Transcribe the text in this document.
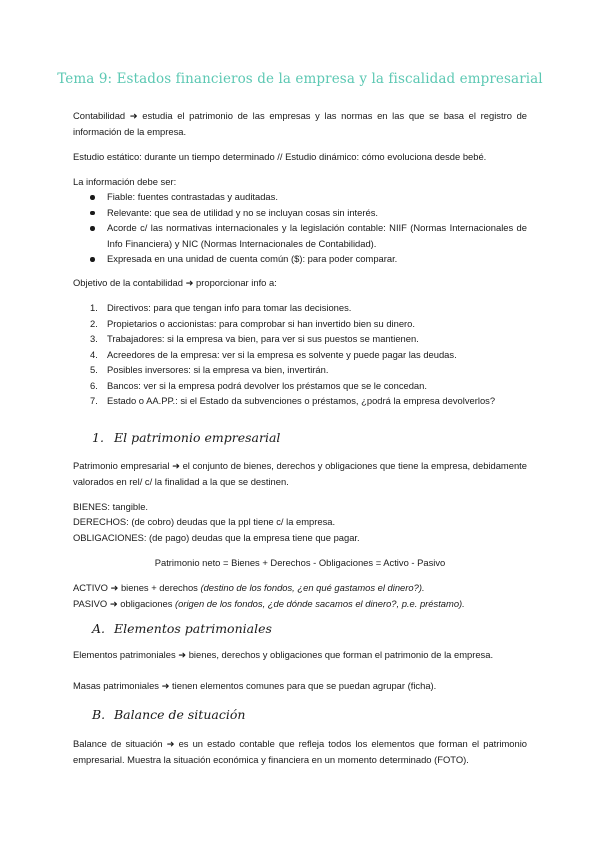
Tema 9: Estados financieros de la empresa y la fiscalidad empresarial

Contabilidad ➜ estudia el patrimonio de las empresas y las normas en las que se basa el registro de información de la empresa.

Estudio estático: durante un tiempo determinado // Estudio dinámico: cómo evoluciona desde bebé.

La información debe ser:

Fiable: fuentes contrastadas y auditadas.
Relevante: que sea de utilidad y no se incluyan cosas sin interés.
Acorde c/ las normativas internacionales y la legislación contable: NIIF (Normas Internacionales de Info Financiera) y NIC (Normas Internacionales de Contabilidad).
Expresada en una unidad de cuenta común ($): para poder comparar.

Objetivo de la contabilidad ➜ proporcionar info a:

1. Directivos: para que tengan info para tomar las decisiones.
2. Propietarios o accionistas: para comprobar si han invertido bien su dinero.
3. Trabajadores: si la empresa va bien, para ver si sus puestos se mantienen.
4. Acreedores de la empresa: ver si la empresa es solvente y puede pagar las deudas.
5. Posibles inversores: si la empresa va bien, invertirán.
6. Bancos: ver si la empresa podrá devolver los préstamos que se le concedan.
7. Estado o AA.PP.: si el Estado da subvenciones o préstamos, ¿podrá la empresa devolverlos?
1. El patrimonio empresarial

Patrimonio empresarial ➜ el conjunto de bienes, derechos y obligaciones que tiene la empresa, debidamente valorados en rel/ c/ la finalidad a la que se destinen.

BIENES: tangible.

DERECHOS: (de cobro) deudas que la ppl tiene c/ la empresa.

OBLIGACIONES: (de pago) deudas que la empresa tiene que pagar.

Patrimonio neto = Bienes + Derechos - Obligaciones = Activo - Pasivo

ACTIVO ➜ bienes + derechos (destino de los fondos, ¿en qué gastamos el dinero?).

PASIVO ➜ obligaciones (origen de los fondos, ¿de dónde sacamos el dinero?, p.e. préstamo).

A. Elementos patrimoniales

Elementos patrimoniales ➜ bienes, derechos y obligaciones que forman el patrimonio de la empresa.

Masas patrimoniales ➜ tienen elementos comunes para que se puedan agrupar (ficha).

B. Balance de situación

Balance de situación ➜ es un estado contable que refleja todos los elementos que forman el patrimonio empresarial. Muestra la situación económica y financiera en un momento determinado (FOTO).
